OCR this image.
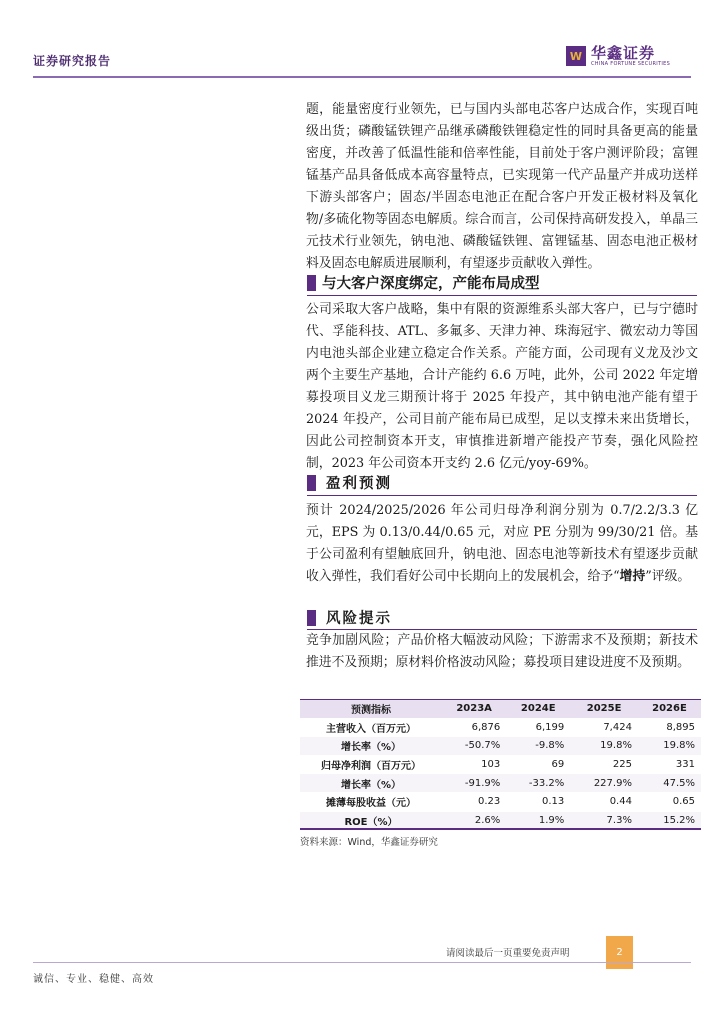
证券研究报告	W 华鑫证券
CHINA FORTUNE SECURITIES
题，能量密度行业领先，已与国内头部电芯客户达成合作，实现百吨级出货；磷酸锰铁锂产品继承磷酸铁锂稳定性的同时具备更高的能量密度，并改善了低温性能和倍率性能，目前处于客户测评阶段；富锂锰基产品具备低成本高容量特点，已实现第一代产品量产并成功送样下游头部客户；固态/半固态电池正在配合客户开发正极材料及氧化物/多硫化物等固态电解质。综合而言，公司保持高研发投入，单晶三元技术行业领先，钠电池、磷酸锰铁锂、富锂锰基、固态电池正极材料及固态电解质进展顺利，有望逐步贡献收入弹性。
与大客户深度绑定，产能布局成型
公司采取大客户战略，集中有限的资源维系头部大客户，已与宁德时代、孚能科技、ATL、多氟多、天津力神、珠海冠宇、微宏动力等国内电池头部企业建立稳定合作关系。产能方面，公司现有义龙及沙文两个主要生产基地，合计产能约 6.6 万吨，此外，公司 2022 年定增募投项目义龙三期预计将于 2025 年投产，其中钠电池产能有望于 2024 年投产，公司目前产能布局已成型，足以支撑未来出货增长，因此公司控制资本开支，审慎推进新增产能投产节奏，强化风险控制，2023 年公司资本开支约 2.6 亿元/yoy-69%。
盈利预测
预计 2024/2025/2026 年公司归母净利润分别为 0.7/2.2/3.3 亿元，EPS 为 0.13/0.44/0.65 元，对应 PE 分别为 99/30/21 倍。基于公司盈利有望触底回升，钠电池、固态电池等新技术有望逐步贡献收入弹性，我们看好公司中长期向上的发展机会，给予“增持”评级。
风险提示
竞争加剧风险；产品价格大幅波动风险；下游需求不及预期；新技术推进不及预期；原材料价格波动风险；募投项目建设进度不及预期。
预测指标	2023A	2024E	2025E	2026E
主营收入（百万元）	6,876	6,199	7,424	8,895
增长率（%）	-50.7%	-9.8%	19.8%	19.8%
归母净利润（百万元）	103	69	225	331
增长率（%）	-91.9%	-33.2%	227.9%	47.5%
摊薄每股收益（元）	0.23	0.13	0.44	0.65
ROE（%）	2.6%	1.9%	7.3%	15.2%
资料来源：Wind，华鑫证券研究
请阅读最后一页重要免责声明	2
诚信、专业、稳健、高效
